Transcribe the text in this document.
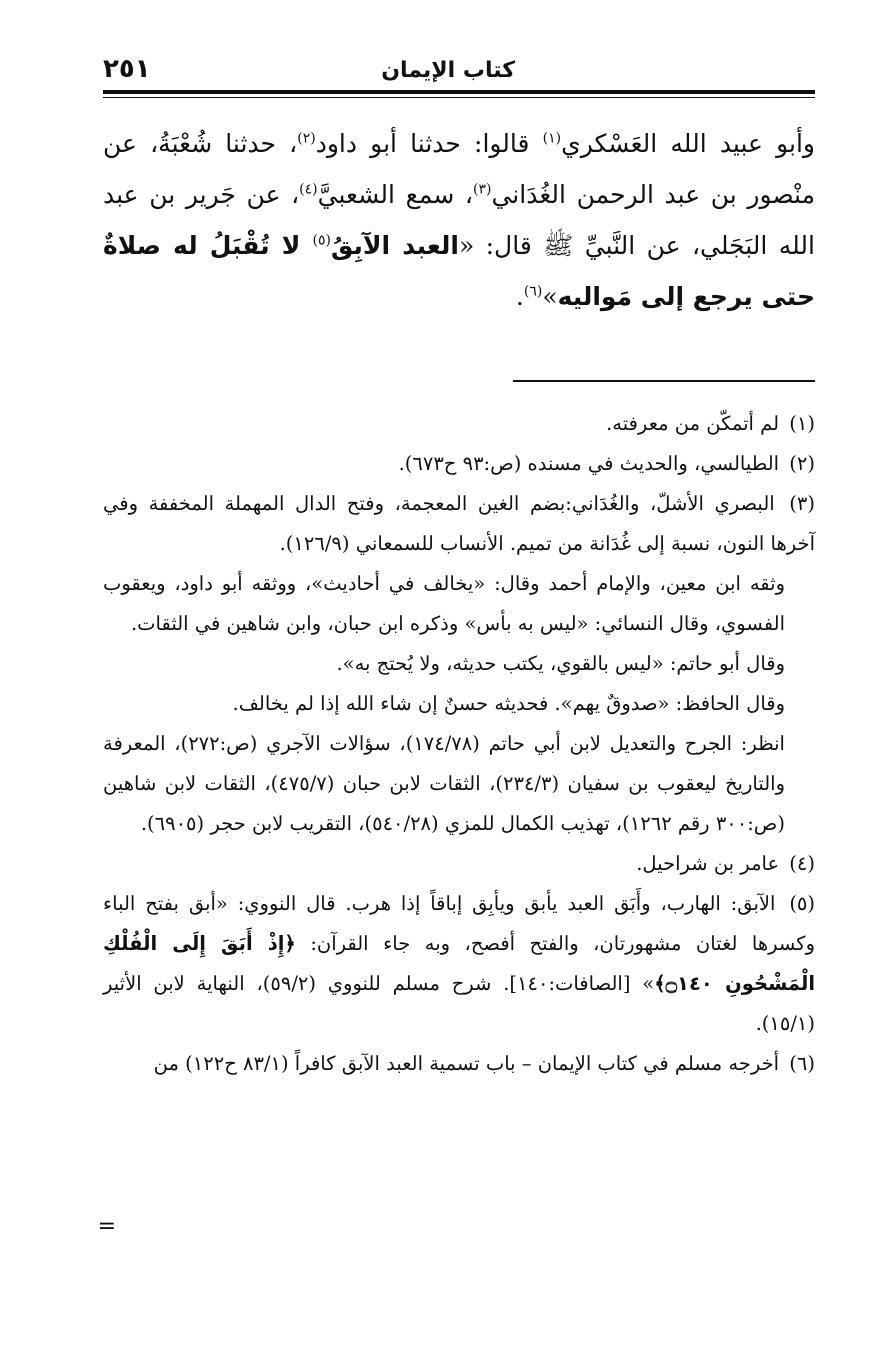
كتاب الإيمان
٢٥١
وأبو عبيد الله العَسْكري$^{(١)}$ قالوا: حدثنا أبو داود$^{(٢)}$، حدثنا شُعْبَةُ، عن منْصور بن عبد الرحمن الغُدَاني$^{(٣)}$، سمع الشعبيَّ$^{(٤)}$، عن جَرير بن عبد الله البَجَلي، عن النَّبيِّ ﷺ قال: «العبد الآبِقُ$^{(٥)}$ لا تُقْبَلُ له صلاةٌ حتى يرجع إلى مَواليه»$^{(٦)}$.

(١) لم أتمكّن من معرفته.

(٢) الطيالسي، والحديث في مسنده (ص:٩٣ ح٦٧٣).

(٣) البصري الأشلّ، والغُدَاني:بضم الغين المعجمة، وفتح الدال المهملة المخففة وفي آخرها النون، نسبة إلى غُدَانة من تميم. الأنساب للسمعاني (١٢٦/٩).

وثقه ابن معين، والإمام أحمد وقال: «يخالف في أحاديث»، ووثقه أبو داود، ويعقوب الفسوي، وقال النسائي: «ليس به بأس» وذكره ابن حبان، وابن شاهين في الثقات.

وقال أبو حاتم: «ليس بالقوي، يكتب حديثه، ولا يُحتج به».

وقال الحافظ: «صدوقٌ يهم». فحديثه حسنٌ إن شاء الله إذا لم يخالف.

انظر: الجرح والتعديل لابن أبي حاتم (١٧٤/٧٨)، سؤالات الآجري (ص:٢٧٢)، المعرفة والتاريخ ليعقوب بن سفيان (٢٣٤/٣)، الثقات لابن حبان (٤٧٥/٧)، الثقات لابن شاهين (ص:٣٠٠ رقم ١٢٦٢)، تهذيب الكمال للمزي (٥٤٠/٢٨)، التقريب لابن حجر (٦٩٠٥).

(٤) عامر بن شراحيل.

(٥) الآبق: الهارب، وأَبَق العبد يأبق ويأبِق إباقاً إذا هرب. قال النووي: «أبق بفتح الباء وكسرها لغتان مشهورتان، والفتح أفصح، وبه جاء القرآن: ﴿إِذْ أَبَقَ إِلَى الْفُلْكِ الْمَشْحُونِ ۝١٤٠﴾» [الصافات:١٤٠]. شرح مسلم للنووي (٥٩/٢)، النهاية لابن الأثير (١٥/١).

(٦) أخرجه مسلم في كتاب الإيمان – باب تسمية العبد الآبق كافراً (٨٣/١ ح١٢٢) من

=
